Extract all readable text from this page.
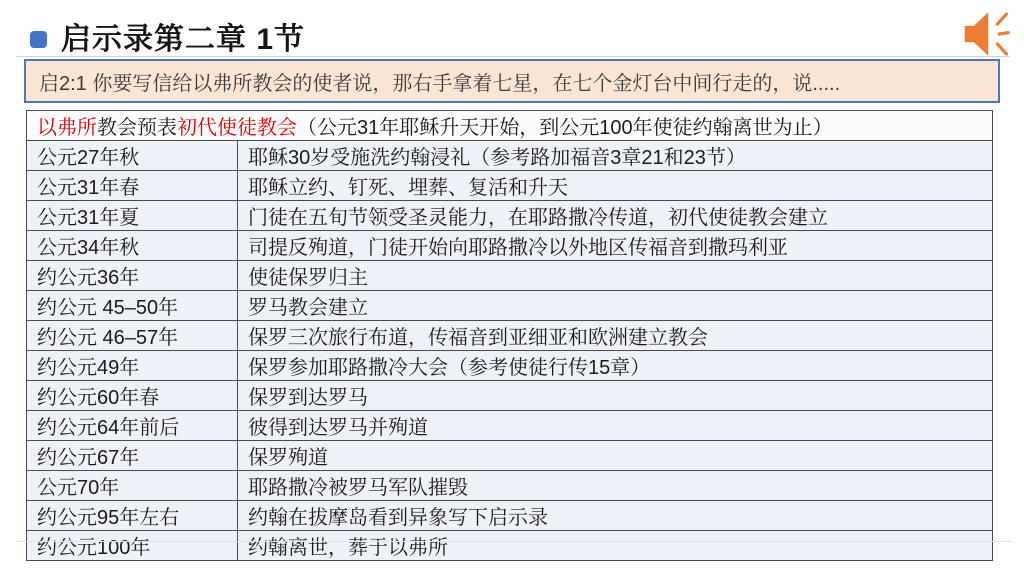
启示录第二章 1节
启2:1 你要写信给以弗所教会的使者说，那右手拿着七星，在七个金灯台中间行走的，说.....
以弗所教会预表初代使徒教会（公元31年耶稣升天开始，到公元100年使徒约翰离世为止）	
公元27年秋	耶稣30岁受施洗约翰浸礼（参考路加福音3章21和23节）
公元31年春	耶稣立约、钉死、埋葬、复活和升天
公元31年夏	门徒在五旬节领受圣灵能力，在耶路撒冷传道，初代使徒教会建立
公元34年秋	司提反殉道，门徒开始向耶路撒冷以外地区传福音到撒玛利亚
约公元36年	使徒保罗归主
约公元 45–50年	罗马教会建立
约公元 46–57年	保罗三次旅行布道，传福音到亚细亚和欧洲建立教会
约公元49年	保罗参加耶路撒冷大会（参考使徒行传15章）
约公元60年春	保罗到达罗马
约公元64年前后	彼得到达罗马并殉道
约公元67年	保罗殉道
公元70年	耶路撒冷被罗马军队摧毁
约公元95年左右	约翰在拔摩岛看到异象写下启示录
约公元100年	约翰离世，葬于以弗所
